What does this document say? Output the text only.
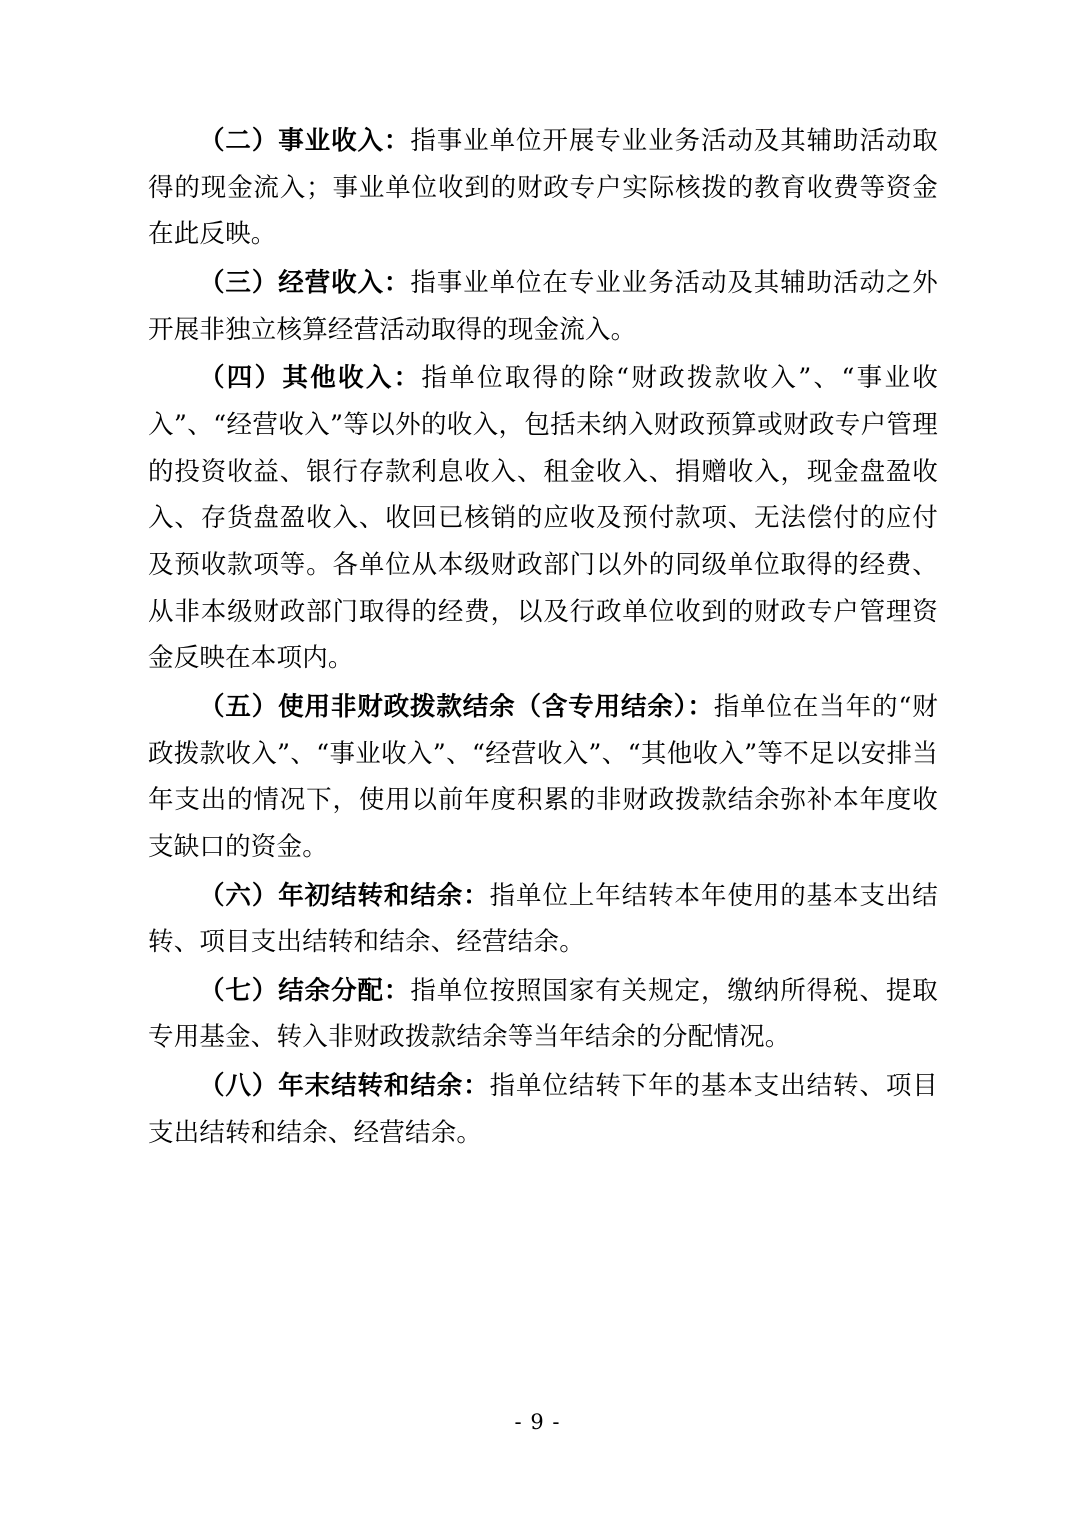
（二）事业收入：指事业单位开展专业业务活动及其辅助活动取得的现金流入；事业单位收到的财政专户实际核拨的教育收费等资金在此反映。

（三）经营收入：指事业单位在专业业务活动及其辅助活动之外开展非独立核算经营活动取得的现金流入。

（四）其他收入：指单位取得的除“财政拨款收入”、“事业收入”、“经营收入”等以外的收入，包括未纳入财政预算或财政专户管理的投资收益、银行存款利息收入、租金收入、捐赠收入，现金盘盈收入、存货盘盈收入、收回已核销的应收及预付款项、无法偿付的应付及预收款项等。各单位从本级财政部门以外的同级单位取得的经费、从非本级财政部门取得的经费，以及行政单位收到的财政专户管理资金反映在本项内。

（五）使用非财政拨款结余（含专用结余）：指单位在当年的“财政拨款收入”、“事业收入”、“经营收入”、“其他收入”等不足以安排当年支出的情况下，使用以前年度积累的非财政拨款结余弥补本年度收支缺口的资金。

（六）年初结转和结余：指单位上年结转本年使用的基本支出结转、项目支出结转和结余、经营结余。

（七）结余分配：指单位按照国家有关规定，缴纳所得税、提取专用基金、转入非财政拨款结余等当年结余的分配情况。

（八）年末结转和结余：指单位结转下年的基本支出结转、项目支出结转和结余、经营结余。

- 9 -
